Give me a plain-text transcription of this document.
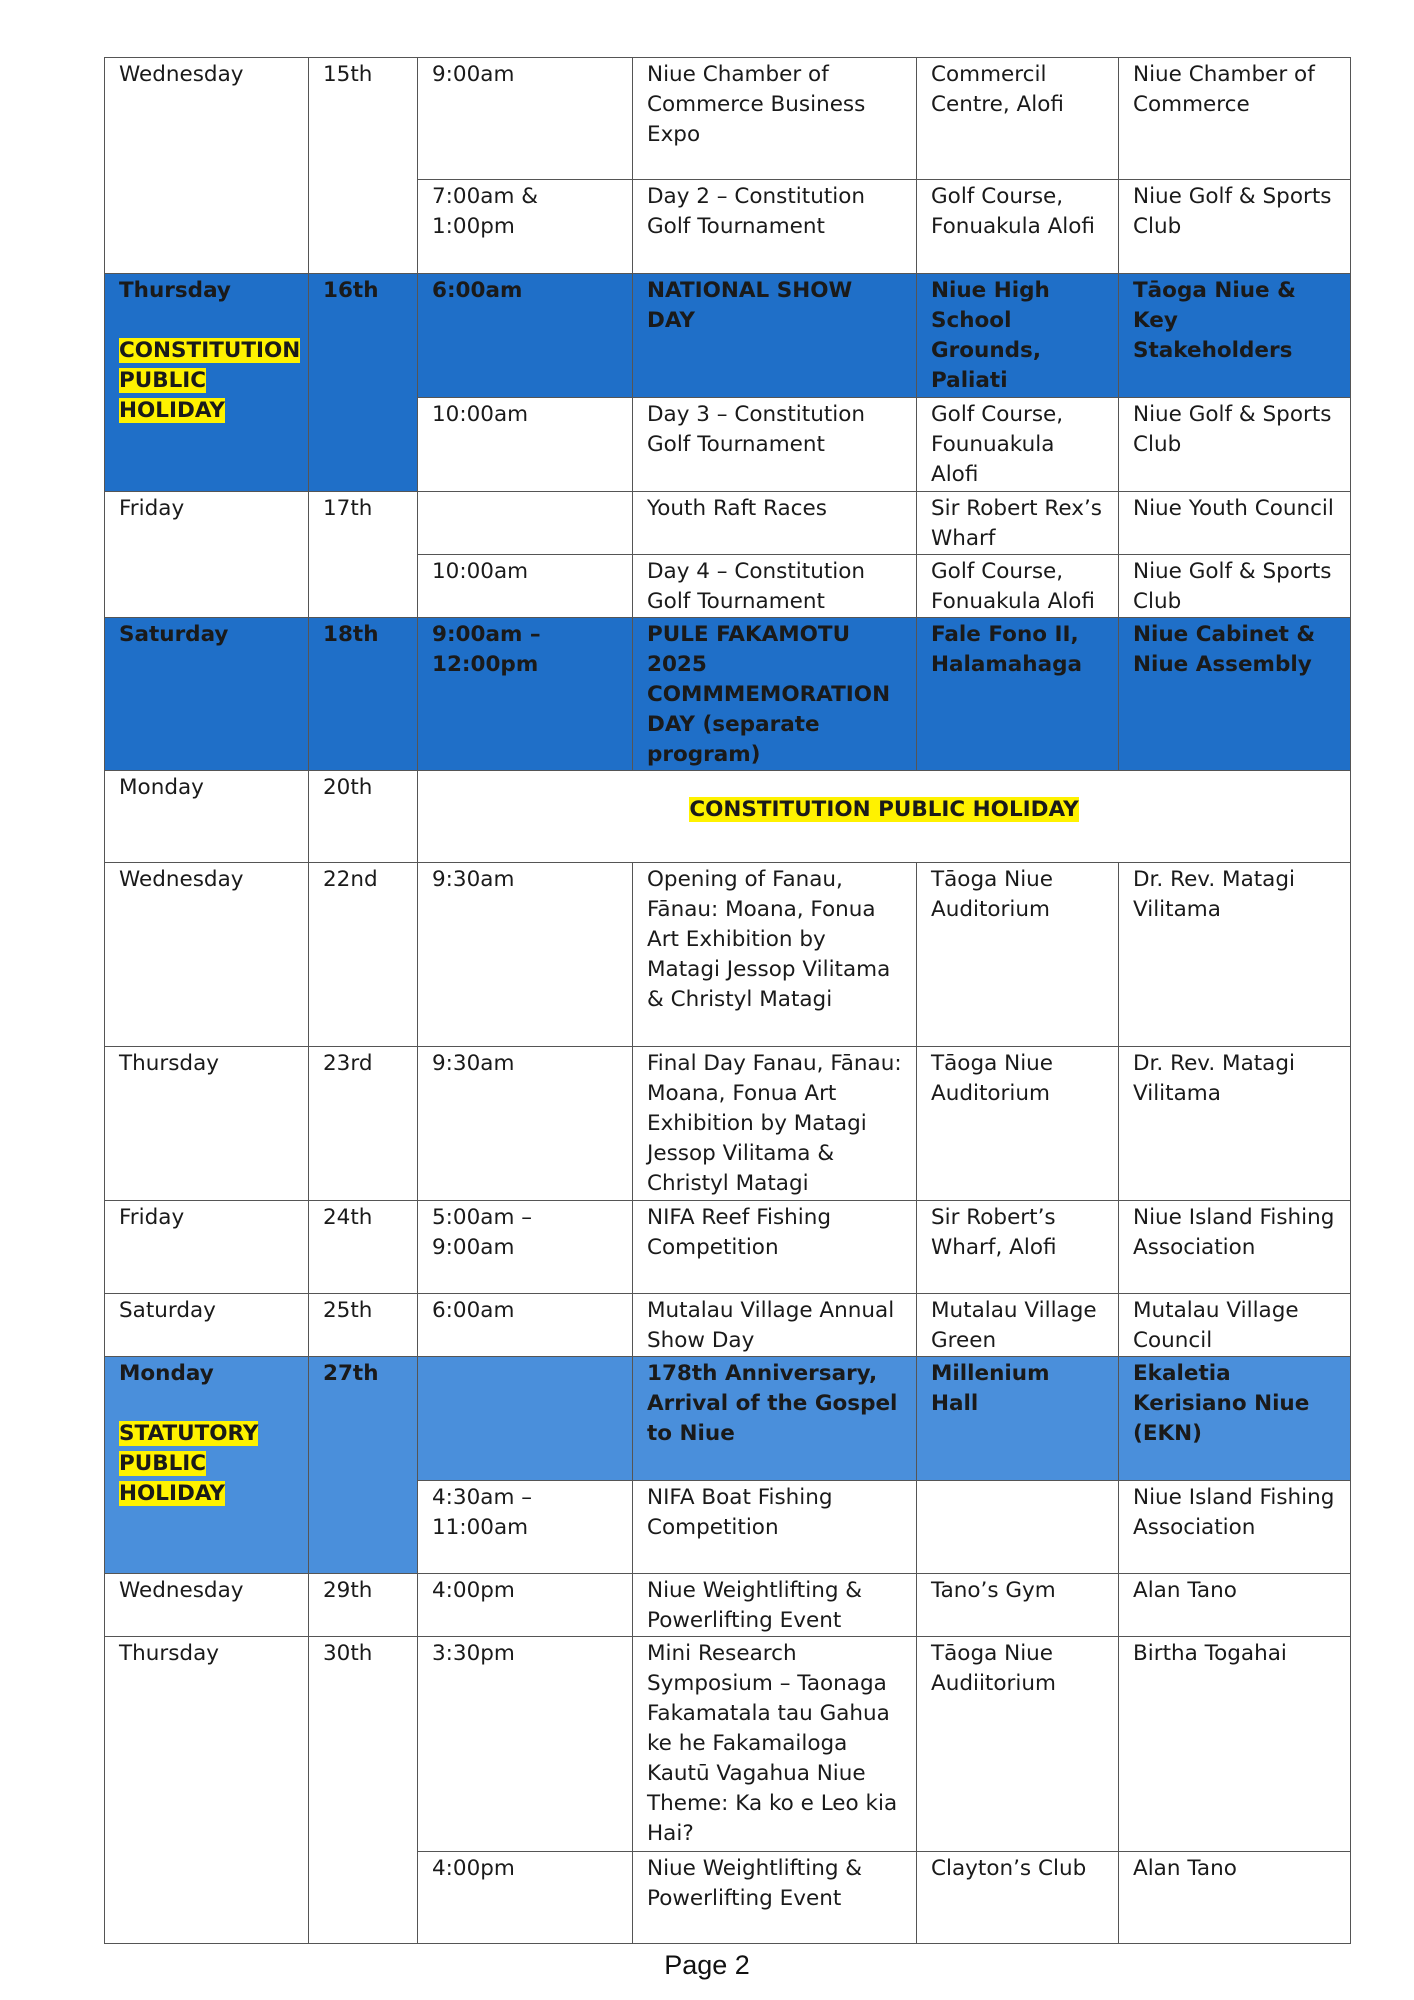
Wednesday	15th	9:00am	Niue Chamber of Commerce Business Expo	Commercil Centre, Alofi	Niue Chamber of Commerce
		7:00am & 1:00pm	Day 2 – Constitution Golf Tournament	Golf Course, Fonuakula Alofi	Niue Golf & Sports Club

Thursday
CONSTITUTION PUBLIC HOLIDAY	16th	6:00am	NATIONAL SHOW DAY	Niue High School Grounds, Paliati	Tāoga Niue & Key Stakeholders
		10:00am	Day 3 – Constitution Golf Tournament	Golf Course, Founuakula Alofi	Niue Golf & Sports Club
Friday	17th		Youth Raft Races	Sir Robert Rex’s Wharf	Niue Youth Council
		10:00am	Day 4 – Constitution Golf Tournament	Golf Course, Fonuakula Alofi	Niue Golf & Sports Club
Saturday	18th	9:00am – 12:00pm	PULE FAKAMOTU 2025 COMMMEMORATION DAY (separate program)	Fale Fono II, Halamahaga	Niue Cabinet & Niue Assembly
Monday	20th	CONSTITUTION PUBLIC HOLIDAY			
Wednesday	22nd	9:30am	Opening of Fanau, Fānau: Moana, Fonua Art Exhibition by Matagi Jessop Vilitama & Christyl Matagi	Tāoga Niue Auditorium	Dr. Rev. Matagi Vilitama
Thursday	23rd	9:30am	Final Day Fanau, Fānau: Moana, Fonua Art Exhibition by Matagi Jessop Vilitama & Christyl Matagi	Tāoga Niue Auditorium	Dr. Rev. Matagi Vilitama
Friday	24th	5:00am – 9:00am	NIFA Reef Fishing Competition	Sir Robert’s Wharf, Alofi	Niue Island Fishing Association
Saturday	25th	6:00am	Mutalau Village Annual Show Day	Mutalau Village Green	Mutalau Village Council

Monday
STATUTORY PUBLIC HOLIDAY	27th		178th Anniversary, Arrival of the Gospel to Niue	Millenium Hall	Ekaletia Kerisiano Niue (EKN)
		4:30am – 11:00am	NIFA Boat Fishing Competition		Niue Island Fishing Association
Wednesday	29th	4:00pm	Niue Weightlifting & Powerlifting Event	Tano’s Gym	Alan Tano
Thursday	30th	3:30pm	Mini Research Symposium – Taonaga Fakamatala tau Gahua ke he Fakamailoga Kautū Vagahua Niue Theme: Ka ko e Leo kia Hai?	Tāoga Niue Audiitorium	Birtha Togahai
		4:00pm	Niue Weightlifting & Powerlifting Event	Clayton’s Club	Alan Tano
Page 2
